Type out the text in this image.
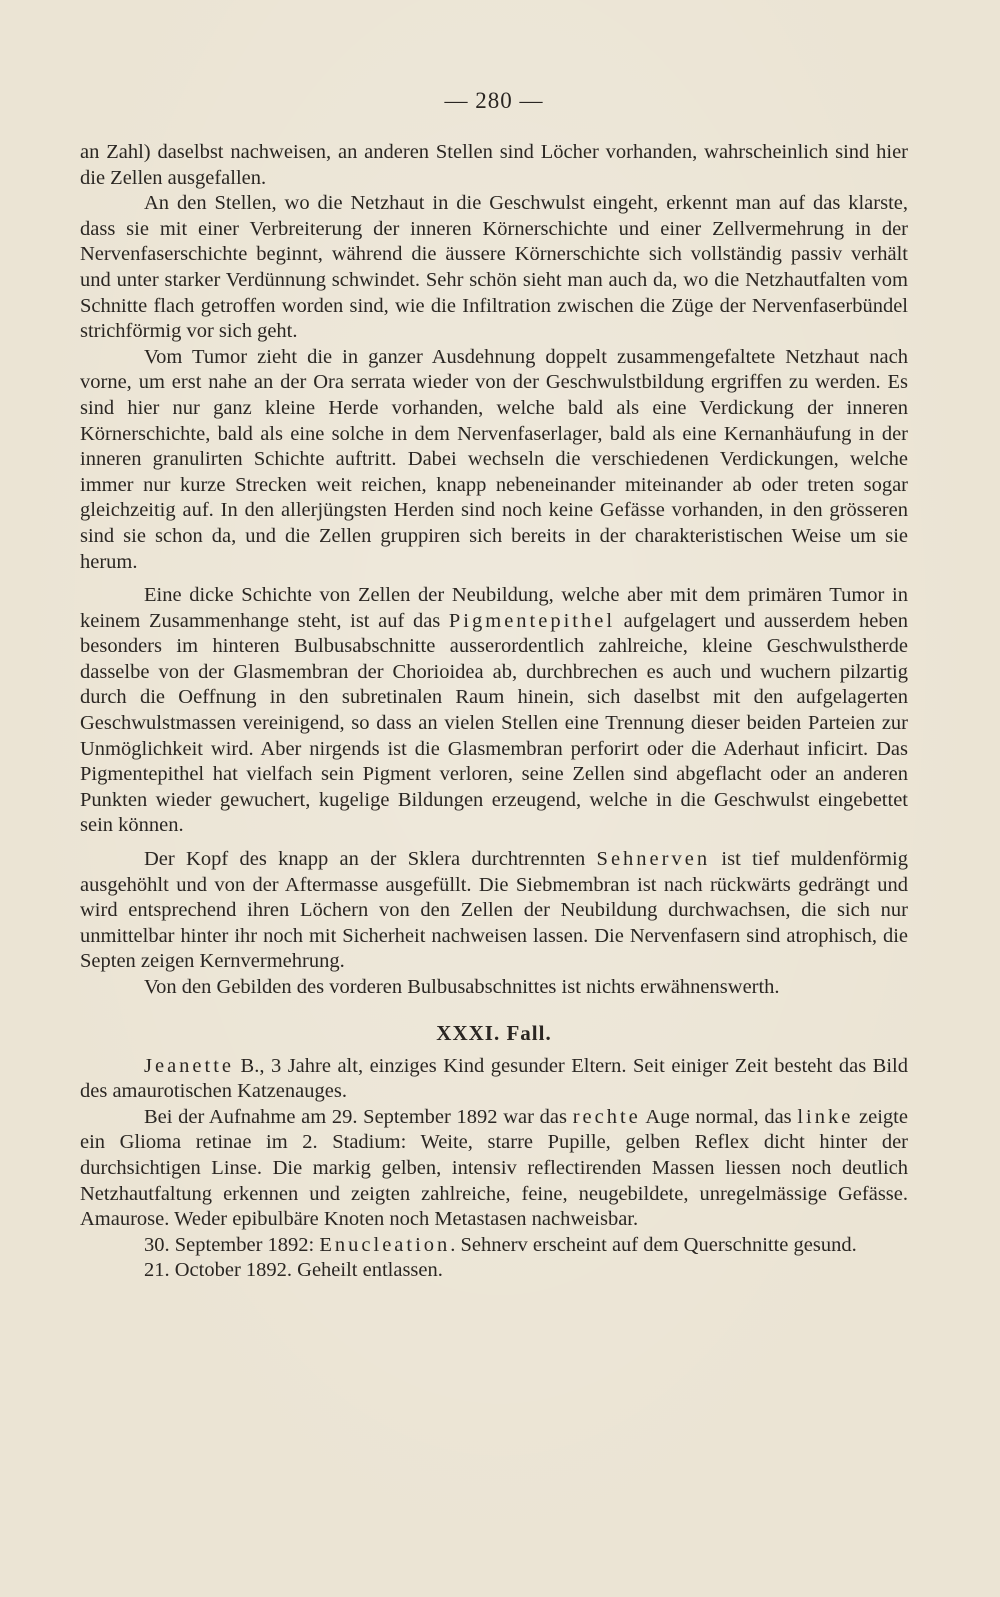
— 280 —

an Zahl) daselbst nachweisen, an anderen Stellen sind Löcher vorhanden, wahrscheinlich sind hier die Zellen ausgefallen.

An den Stellen, wo die Netzhaut in die Geschwulst eingeht, erkennt man auf das klarste, dass sie mit einer Verbreiterung der inneren Körnerschichte und einer Zellvermehrung in der Nervenfaserschichte beginnt, während die äussere Körnerschichte sich vollständig passiv verhält und unter starker Verdünnung schwindet. Sehr schön sieht man auch da, wo die Netzhautfalten vom Schnitte flach getroffen worden sind, wie die Infiltration zwischen die Züge der Nervenfaserbündel strichförmig vor sich geht.

Vom Tumor zieht die in ganzer Ausdehnung doppelt zusammengefaltete Netzhaut nach vorne, um erst nahe an der Ora serrata wieder von der Geschwulstbildung ergriffen zu werden. Es sind hier nur ganz kleine Herde vorhanden, welche bald als eine Verdickung der inneren Körnerschichte, bald als eine solche in dem Nervenfaserlager, bald als eine Kernanhäufung in der inneren granulirten Schichte auftritt. Dabei wechseln die verschiedenen Verdickungen, welche immer nur kurze Strecken weit reichen, knapp nebeneinander miteinander ab oder treten sogar gleichzeitig auf. In den allerjüngsten Herden sind noch keine Gefässe vorhanden, in den grösseren sind sie schon da, und die Zellen gruppiren sich bereits in der charakteristischen Weise um sie herum.

Eine dicke Schichte von Zellen der Neubildung, welche aber mit dem primären Tumor in keinem Zusammenhange steht, ist auf das Pigmentepithel aufgelagert und ausserdem heben besonders im hinteren Bulbusabschnitte ausserordentlich zahlreiche, kleine Geschwulstherde dasselbe von der Glasmembran der Chorioidea ab, durchbrechen es auch und wuchern pilzartig durch die Oeffnung in den subretinalen Raum hinein, sich daselbst mit den aufgelagerten Geschwulstmassen vereinigend, so dass an vielen Stellen eine Trennung dieser beiden Parteien zur Unmöglichkeit wird. Aber nirgends ist die Glasmembran perforirt oder die Aderhaut inficirt. Das Pigmentepithel hat vielfach sein Pigment verloren, seine Zellen sind abgeflacht oder an anderen Punkten wieder gewuchert, kugelige Bildungen erzeugend, welche in die Geschwulst eingebettet sein können.

Der Kopf des knapp an der Sklera durchtrennten Sehnerven ist tief muldenförmig ausgehöhlt und von der Aftermasse ausgefüllt. Die Siebmembran ist nach rückwärts gedrängt und wird entsprechend ihren Löchern von den Zellen der Neubildung durchwachsen, die sich nur unmittelbar hinter ihr noch mit Sicherheit nachweisen lassen. Die Nervenfasern sind atrophisch, die Septen zeigen Kernvermehrung.

Von den Gebilden des vorderen Bulbusabschnittes ist nichts erwähnenswerth.

XXXI. Fall.

Jeanette B., 3 Jahre alt, einziges Kind gesunder Eltern. Seit einiger Zeit besteht das Bild des amaurotischen Katzenauges.

Bei der Aufnahme am 29. September 1892 war das rechte Auge normal, das linke zeigte ein Glioma retinae im 2. Stadium: Weite, starre Pupille, gelben Reflex dicht hinter der durchsichtigen Linse. Die markig gelben, intensiv reflectirenden Massen liessen noch deutlich Netzhautfaltung erkennen und zeigten zahlreiche, feine, neugebildete, unregelmässige Gefässe. Amaurose. Weder epibulbäre Knoten noch Metastasen nachweisbar.

30. September 1892: Enucleation. Sehnerv erscheint auf dem Querschnitte gesund.

21. October 1892. Geheilt entlassen.
